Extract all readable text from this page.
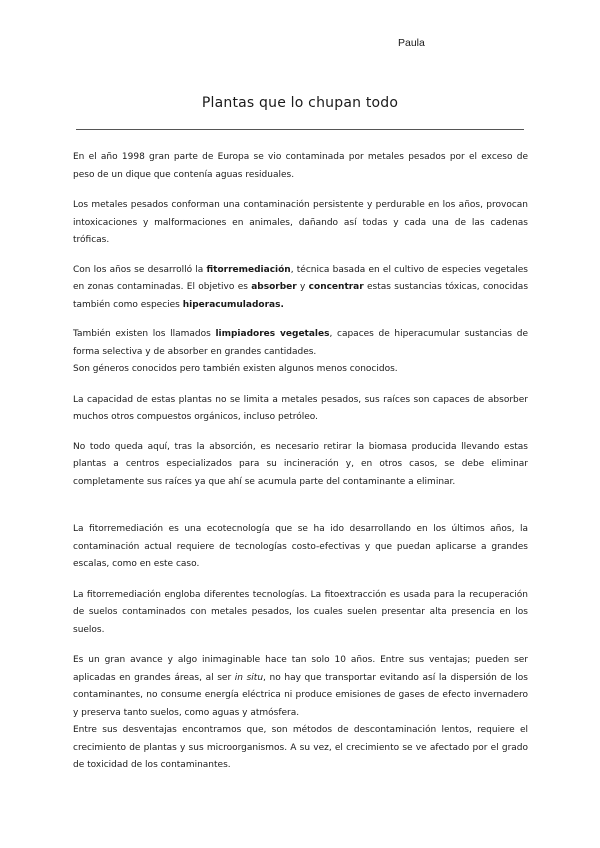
Paula
Plantas que lo chupan todo

En el año 1998 gran parte de Europa se vio contaminada por metales pesados por el exceso de peso de un dique que contenía aguas residuales.

Los metales pesados conforman una contaminación persistente y perdurable en los años, provocan intoxicaciones y malformaciones en animales, dañando así todas y cada una de las cadenas tróficas.

Con los años se desarrolló la fitorremediación, técnica basada en el cultivo de especies vegetales en zonas contaminadas. El objetivo es absorber y concentrar estas sustancias tóxicas, conocidas también como especies hiperacumuladoras.

También existen los llamados limpiadores vegetales, capaces de hiperacumular sustancias de forma selectiva y de absorber en grandes cantidades.

Son géneros conocidos pero también existen algunos menos conocidos.

La capacidad de estas plantas no se limita a metales pesados, sus raíces son capaces de absorber muchos otros compuestos orgánicos, incluso petróleo.

No todo queda aquí, tras la absorción, es necesario retirar la biomasa producida llevando estas plantas a centros especializados para su incineración y, en otros casos, se debe eliminar completamente sus raíces ya que ahí se acumula parte del contaminante a eliminar.

La fitorremediación es una ecotecnología que se ha ido desarrollando en los últimos años, la contaminación actual requiere de tecnologías costo-efectivas y que puedan aplicarse a grandes escalas, como en este caso.

La fitorremediación engloba diferentes tecnologías. La fitoextracción es usada para la recuperación de suelos contaminados con metales pesados, los cuales suelen presentar alta presencia en los suelos.

Es un gran avance y algo inimaginable hace tan solo 10 años. Entre sus ventajas; pueden ser aplicadas en grandes áreas, al ser in situ, no hay que transportar evitando así la dispersión de los contaminantes, no consume energía eléctrica ni produce emisiones de gases de efecto invernadero y preserva tanto suelos, como aguas y atmósfera.

Entre sus desventajas encontramos que, son métodos de descontaminación lentos, requiere el crecimiento de plantas y sus microorganismos. A su vez, el crecimiento se ve afectado por el grado de toxicidad de los contaminantes.
